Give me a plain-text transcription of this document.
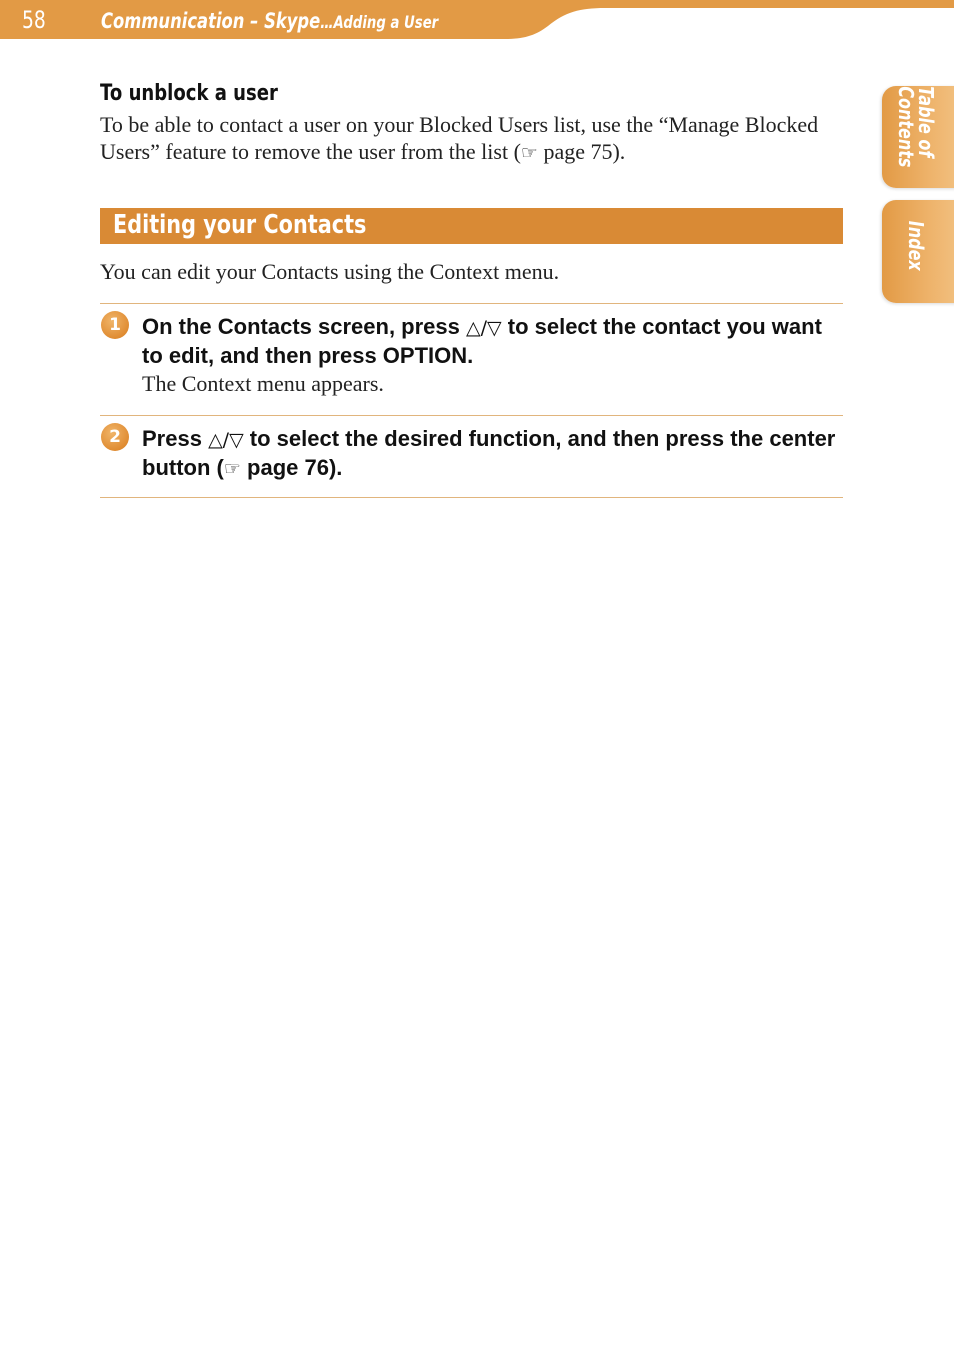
58	Communication – Skype…Adding a User
Table of
Contents
Index
To unblock a user
To be able to contact a user on your Blocked Users list, use the “Manage Blocked Users” feature to remove the user from the list (☞ page 75).
Editing your Contacts
You can edit your Contacts using the Context menu.
1 On the Contacts screen, press △/▽ to select the contact you want to edit, and then press OPTION.
The Context menu appears.
2 Press △/▽ to select the desired function, and then press the center button (☞ page 76).
